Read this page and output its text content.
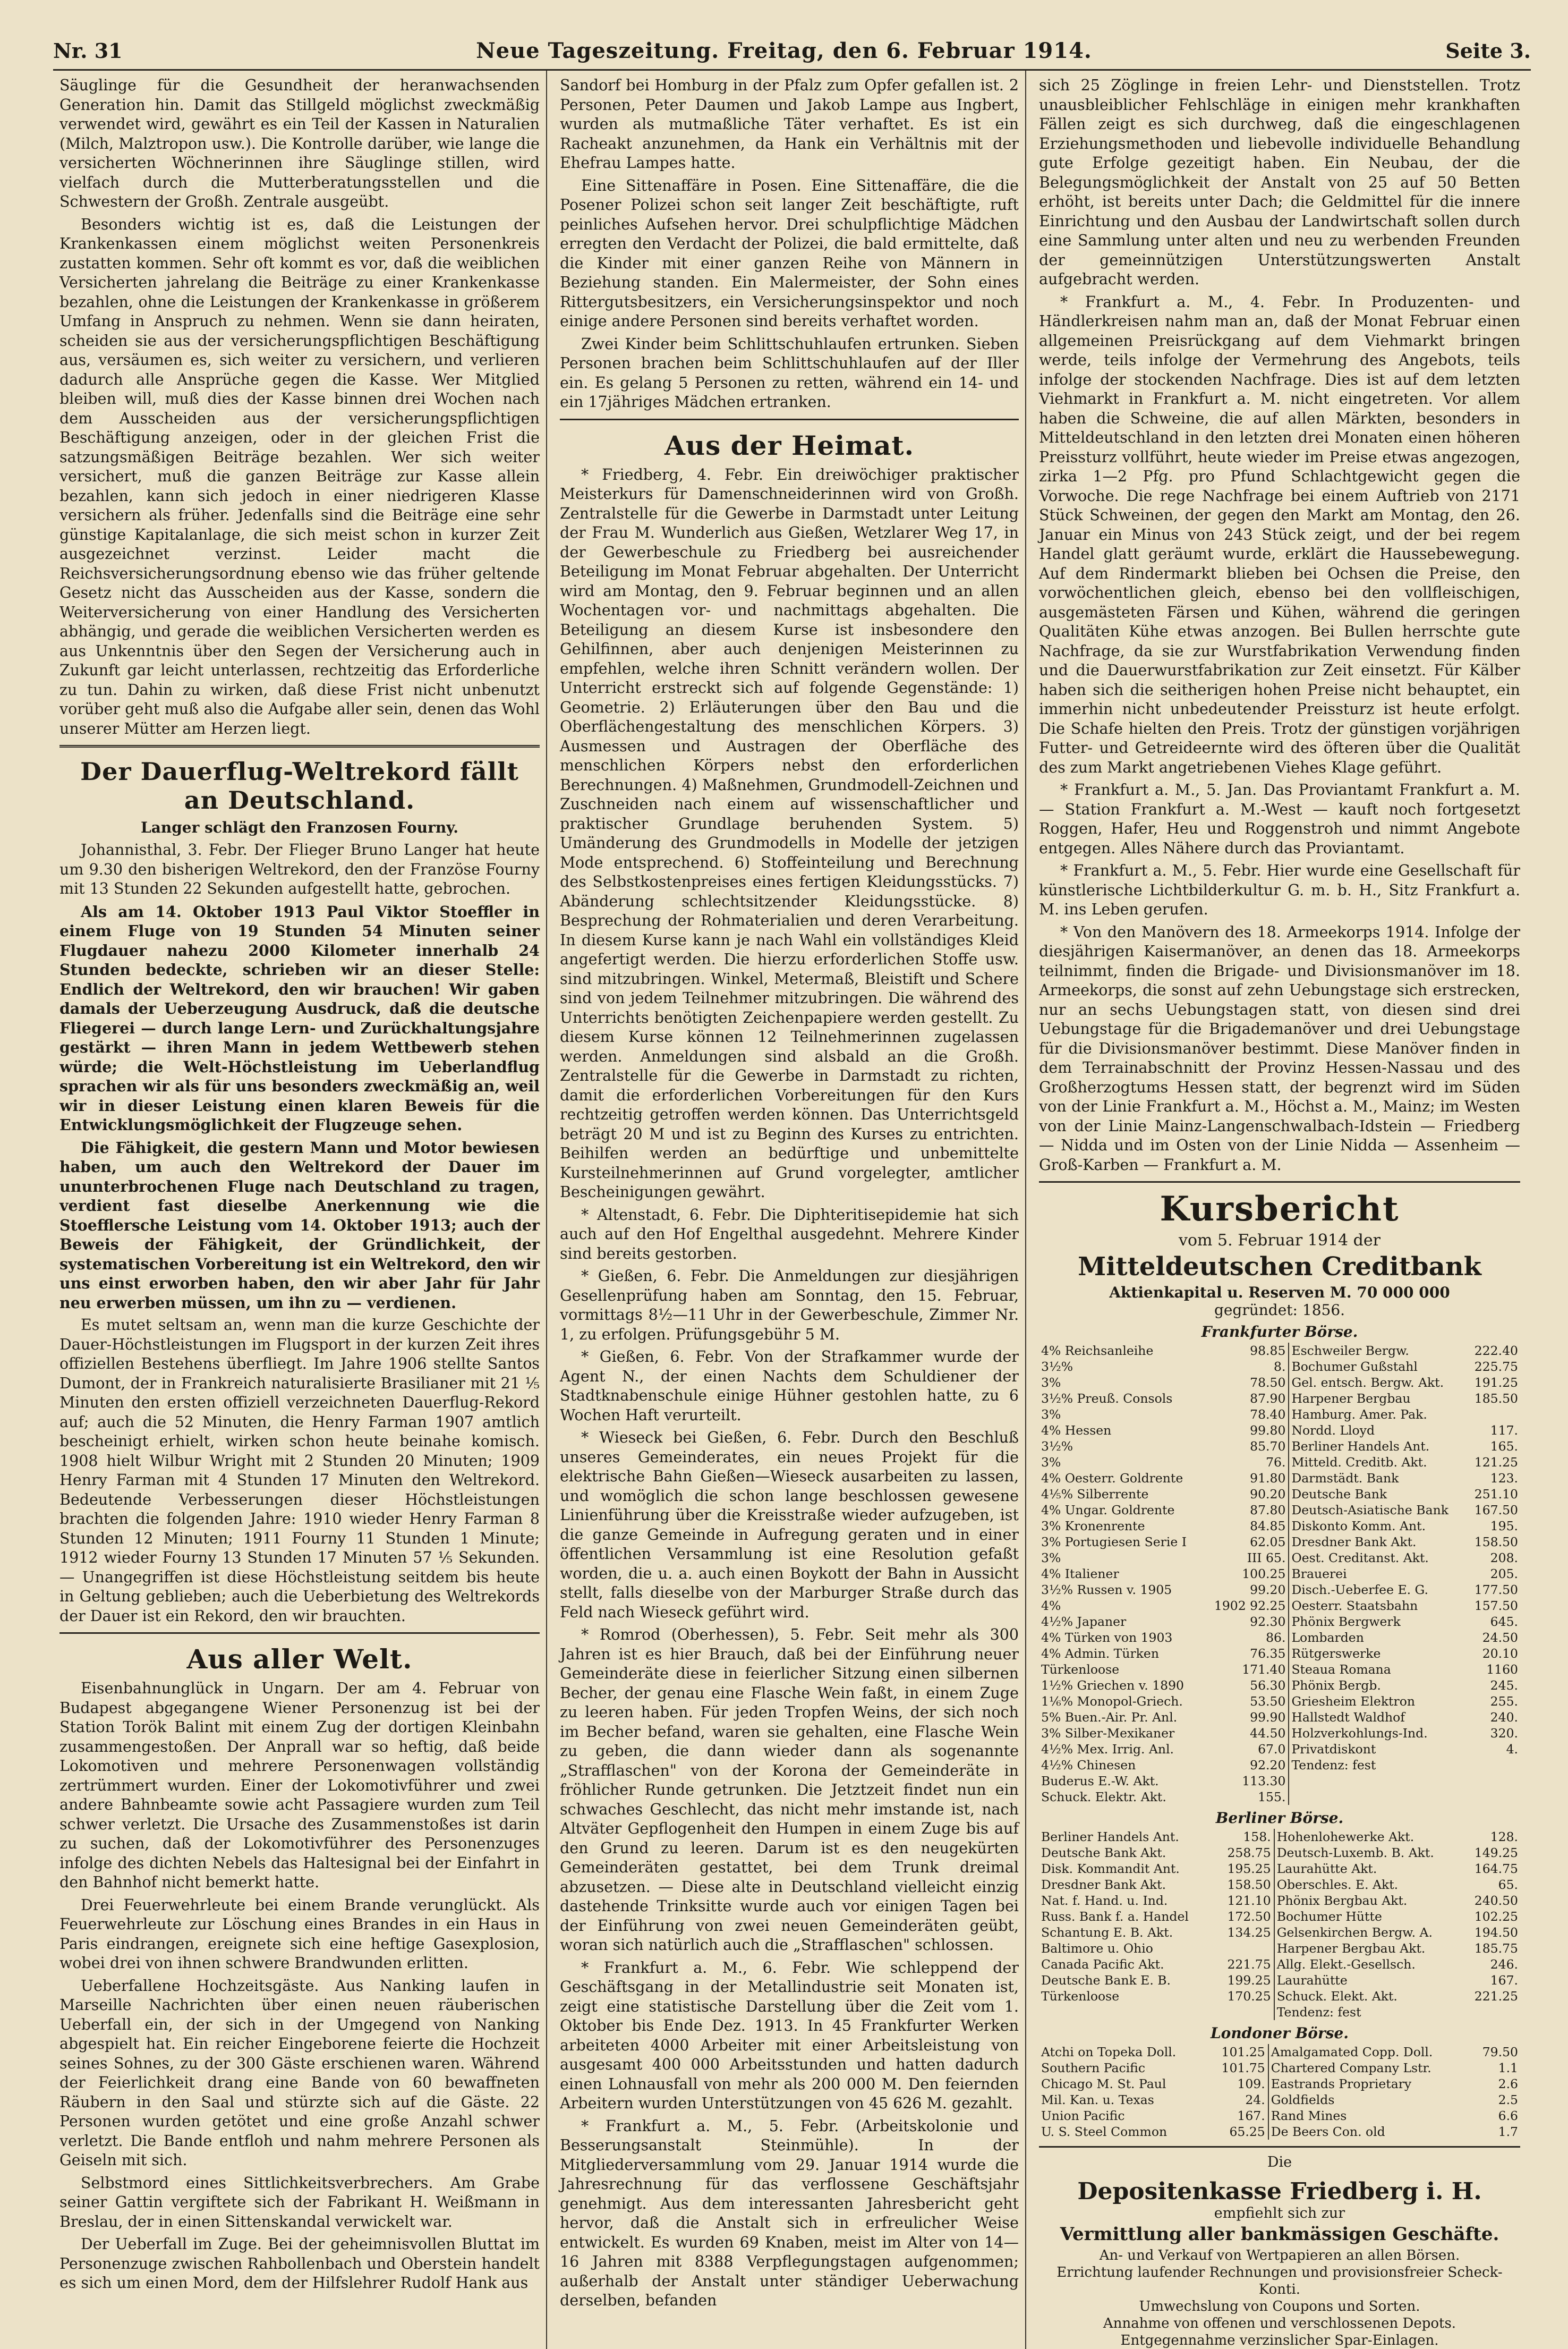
Nr. 31	Neue Tageszeitung. Freitag, den 6. Februar 1914.	Seite 3.

Säuglinge für die Gesundheit der heranwachsenden Generation hin. Damit das Stillgeld möglichst zweckmäßig verwendet wird, gewährt es ein Teil der Kassen in Naturalien (Milch, Malztropon usw.). Die Kontrolle darüber, wie lange die versicherten Wöchnerinnen ihre Säuglinge stillen, wird vielfach durch die Mutterberatungsstellen und die Schwestern der Großh. Zentrale ausgeübt.

Besonders wichtig ist es, daß die Leistungen der Krankenkassen einem möglichst weiten Personenkreis zustatten kommen. Sehr oft kommt es vor, daß die weiblichen Versicherten jahrelang die Beiträge zu einer Krankenkasse bezahlen, ohne die Leistungen der Krankenkasse in größerem Umfang in Anspruch zu nehmen. Wenn sie dann heiraten, scheiden sie aus der versicherungspflichtigen Beschäftigung aus, versäumen es, sich weiter zu versichern, und verlieren dadurch alle Ansprüche gegen die Kasse. Wer Mitglied bleiben will, muß dies der Kasse binnen drei Wochen nach dem Ausscheiden aus der versicherungspflichtigen Beschäftigung anzeigen, oder in der gleichen Frist die satzungsmäßigen Beiträge bezahlen. Wer sich weiter versichert, muß die ganzen Beiträge zur Kasse allein bezahlen, kann sich jedoch in einer niedrigeren Klasse versichern als früher. Jedenfalls sind die Beiträge eine sehr günstige Kapitalanlage, die sich meist schon in kurzer Zeit ausgezeichnet verzinst. Leider macht die Reichsversicherungsordnung ebenso wie das früher geltende Gesetz nicht das Ausscheiden aus der Kasse, sondern die Weiterversicherung von einer Handlung des Versicherten abhängig, und gerade die weiblichen Versicherten werden es aus Unkenntnis über den Segen der Versicherung auch in Zukunft gar leicht unterlassen, rechtzeitig das Erforderliche zu tun. Dahin zu wirken, daß diese Frist nicht unbenutzt vorüber geht muß also die Aufgabe aller sein, denen das Wohl unserer Mütter am Herzen liegt.

Der Dauerflug-Weltrekord fällt an Deutschland.
Langer schlägt den Franzosen Fourny.

Johannisthal, 3. Febr. Der Flieger Bruno Langer hat heute um 9.30 den bisherigen Weltrekord, den der Französe Fourny mit 13 Stunden 22 Sekunden aufgestellt hatte, gebrochen.

Als am 14. Oktober 1913 Paul Viktor Stoeffler in einem Fluge von 19 Stunden 54 Minuten seiner Flugdauer nahezu 2000 Kilometer innerhalb 24 Stunden bedeckte, schrieben wir an dieser Stelle: Endlich der Weltrekord, den wir brauchen! Wir gaben damals der Ueberzeugung Ausdruck, daß die deutsche Fliegerei — durch lange Lern- und Zurückhaltungsjahre gestärkt — ihren Mann in jedem Wettbewerb stehen würde; die Welt-Höchstleistung im Ueberlandflug sprachen wir als für uns besonders zweckmäßig an, weil wir in dieser Leistung einen klaren Beweis für die Entwicklungsmöglichkeit der Flugzeuge sehen.

Die Fähigkeit, die gestern Mann und Motor bewiesen haben, um auch den Weltrekord der Dauer im ununterbrochenen Fluge nach Deutschland zu tragen, verdient fast dieselbe Anerkennung wie die Stoefflersche Leistung vom 14. Oktober 1913; auch der Beweis der Fähigkeit, der Gründlichkeit, der systematischen Vorbereitung ist ein Weltrekord, den wir uns einst erworben haben, den wir aber Jahr für Jahr neu erwerben müssen, um ihn zu — verdienen.

Es mutet seltsam an, wenn man die kurze Geschichte der Dauer-Höchstleistungen im Flugsport in der kurzen Zeit ihres offiziellen Bestehens überfliegt. Im Jahre 1906 stellte Santos Dumont, der in Frankreich naturalisierte Brasilianer mit 21 ⅕ Minuten den ersten offiziell verzeichneten Dauerflug-Rekord auf; auch die 52 Minuten, die Henry Farman 1907 amtlich bescheinigt erhielt, wirken schon heute beinahe komisch. 1908 hielt Wilbur Wright mit 2 Stunden 20 Minuten; 1909 Henry Farman mit 4 Stunden 17 Minuten den Weltrekord. Bedeutende Verbesserungen dieser Höchstleistungen brachten die folgenden Jahre: 1910 wieder Henry Farman 8 Stunden 12 Minuten; 1911 Fourny 11 Stunden 1 Minute; 1912 wieder Fourny 13 Stunden 17 Minuten 57 ⅕ Sekunden. — Unangegriffen ist diese Höchstleistung seitdem bis heute in Geltung geblieben; auch die Ueberbietung des Weltrekords der Dauer ist ein Rekord, den wir brauchten.

Aus aller Welt.

Eisenbahnunglück in Ungarn. Der am 4. Februar von Budapest abgegangene Wiener Personenzug ist bei der Station Torök Balint mit einem Zug der dortigen Kleinbahn zusammengestoßen. Der Anprall war so heftig, daß beide Lokomotiven und mehrere Personenwagen vollständig zertrümmert wurden. Einer der Lokomotivführer und zwei andere Bahnbeamte sowie acht Passagiere wurden zum Teil schwer verletzt. Die Ursache des Zusammenstoßes ist darin zu suchen, daß der Lokomotivführer des Personenzuges infolge des dichten Nebels das Haltesignal bei der Einfahrt in den Bahnhof nicht bemerkt hatte.

Drei Feuerwehrleute bei einem Brande verunglückt. Als Feuerwehrleute zur Löschung eines Brandes in ein Haus in Paris eindrangen, ereignete sich eine heftige Gasexplosion, wobei drei von ihnen schwere Brandwunden erlitten.

Ueberfallene Hochzeitsgäste. Aus Nanking laufen in Marseille Nachrichten über einen neuen räuberischen Ueberfall ein, der sich in der Umgegend von Nanking abgespielt hat. Ein reicher Eingeborene feierte die Hochzeit seines Sohnes, zu der 300 Gäste erschienen waren. Während der Feierlichkeit drang eine Bande von 60 bewaffneten Räubern in den Saal und stürzte sich auf die Gäste. 22 Personen wurden getötet und eine große Anzahl schwer verletzt. Die Bande entfloh und nahm mehrere Personen als Geiseln mit sich.

Selbstmord eines Sittlichkeitsverbrechers. Am Grabe seiner Gattin vergiftete sich der Fabrikant H. Weißmann in Breslau, der in einen Sittenskandal verwickelt war.

Der Ueberfall im Zuge. Bei der geheimnisvollen Bluttat im Personenzuge zwischen Rahbollenbach und Oberstein handelt es sich um einen Mord, dem der Hilfslehrer Rudolf Hank aus

Sandorf bei Homburg in der Pfalz zum Opfer gefallen ist. 2 Personen, Peter Daumen und Jakob Lampe aus Ingbert, wurden als mutmaßliche Täter verhaftet. Es ist ein Racheakt anzunehmen, da Hank ein Verhältnis mit der Ehefrau Lampes hatte.

Eine Sittenaffäre in Posen. Eine Sittenaffäre, die die Posener Polizei schon seit langer Zeit beschäftigte, ruft peinliches Aufsehen hervor. Drei schulpflichtige Mädchen erregten den Verdacht der Polizei, die bald ermittelte, daß die Kinder mit einer ganzen Reihe von Männern in Beziehung standen. Ein Malermeister, der Sohn eines Rittergutsbesitzers, ein Versicherungsinspektor und noch einige andere Personen sind bereits verhaftet worden.

Zwei Kinder beim Schlittschuhlaufen ertrunken. Sieben Personen brachen beim Schlittschuhlaufen auf der Iller ein. Es gelang 5 Personen zu retten, während ein 14- und ein 17jähriges Mädchen ertranken.

Aus der Heimat.

* Friedberg, 4. Febr. Ein dreiwöchiger praktischer Meisterkurs für Damenschneiderinnen wird von Großh. Zentralstelle für die Gewerbe in Darmstadt unter Leitung der Frau M. Wunderlich aus Gießen, Wetzlarer Weg 17, in der Gewerbeschule zu Friedberg bei ausreichender Beteiligung im Monat Februar abgehalten. Der Unterricht wird am Montag, den 9. Februar beginnen und an allen Wochentagen vor- und nachmittags abgehalten. Die Beteiligung an diesem Kurse ist insbesondere den Gehilfinnen, aber auch denjenigen Meisterinnen zu empfehlen, welche ihren Schnitt verändern wollen. Der Unterricht erstreckt sich auf folgende Gegenstände: 1) Geometrie. 2) Erläuterungen über den Bau und die Oberflächengestaltung des menschlichen Körpers. 3) Ausmessen und Austragen der Oberfläche des menschlichen Körpers nebst den erforderlichen Berechnungen. 4) Maßnehmen, Grundmodell-Zeichnen und Zuschneiden nach einem auf wissenschaftlicher und praktischer Grundlage beruhenden System. 5) Umänderung des Grundmodells in Modelle der jetzigen Mode entsprechend. 6) Stoffeinteilung und Berechnung des Selbstkostenpreises eines fertigen Kleidungsstücks. 7) Abänderung schlechtsitzender Kleidungsstücke. 8) Besprechung der Rohmaterialien und deren Verarbeitung. In diesem Kurse kann je nach Wahl ein vollständiges Kleid angefertigt werden. Die hierzu erforderlichen Stoffe usw. sind mitzubringen. Winkel, Metermaß, Bleistift und Schere sind von jedem Teilnehmer mitzubringen. Die während des Unterrichts benötigten Zeichenpapiere werden gestellt. Zu diesem Kurse können 12 Teilnehmerinnen zugelassen werden. Anmeldungen sind alsbald an die Großh. Zentralstelle für die Gewerbe in Darmstadt zu richten, damit die erforderlichen Vorbereitungen für den Kurs rechtzeitig getroffen werden können. Das Unterrichtsgeld beträgt 20 M und ist zu Beginn des Kurses zu entrichten. Beihilfen werden an bedürftige und unbemittelte Kursteilnehmerinnen auf Grund vorgelegter, amtlicher Bescheinigungen gewährt.

* Altenstadt, 6. Febr. Die Diphteritisepidemie hat sich auch auf den Hof Engelthal ausgedehnt. Mehrere Kinder sind bereits gestorben.

* Gießen, 6. Febr. Die Anmeldungen zur diesjährigen Gesellenprüfung haben am Sonntag, den 15. Februar, vormittags 8½—11 Uhr in der Gewerbeschule, Zimmer Nr. 1, zu erfolgen. Prüfungsgebühr 5 M.

* Gießen, 6. Febr. Von der Strafkammer wurde der Agent N., der einen Nachts dem Schuldiener der Stadtknabenschule einige Hühner gestohlen hatte, zu 6 Wochen Haft verurteilt.

* Wieseck bei Gießen, 6. Febr. Durch den Beschluß unseres Gemeinderates, ein neues Projekt für die elektrische Bahn Gießen—Wieseck ausarbeiten zu lassen, und womöglich die schon lange beschlossen gewesene Linienführung über die Kreisstraße wieder aufzugeben, ist die ganze Gemeinde in Aufregung geraten und in einer öffentlichen Versammlung ist eine Resolution gefaßt worden, die u. a. auch einen Boykott der Bahn in Aussicht stellt, falls dieselbe von der Marburger Straße durch das Feld nach Wieseck geführt wird.

* Romrod (Oberhessen), 5. Febr. Seit mehr als 300 Jahren ist es hier Brauch, daß bei der Einführung neuer Gemeinderäte diese in feierlicher Sitzung einen silbernen Becher, der genau eine Flasche Wein faßt, in einem Zuge zu leeren haben. Für jeden Tropfen Weins, der sich noch im Becher befand, waren sie gehalten, eine Flasche Wein zu geben, die dann wieder dann als sogenannte „Strafflaschen" von der Korona der Gemeinderäte in fröhlicher Runde getrunken. Die Jetztzeit findet nun ein schwaches Geschlecht, das nicht mehr imstande ist, nach Altväter Gepflogenheit den Humpen in einem Zuge bis auf den Grund zu leeren. Darum ist es den neugekürten Gemeinderäten gestattet, bei dem Trunk dreimal abzusetzen. — Diese alte in Deutschland vielleicht einzig dastehende Trinksitte wurde auch vor einigen Tagen bei der Einführung von zwei neuen Gemeinderäten geübt, woran sich natürlich auch die „Strafflaschen" schlossen.

* Frankfurt a. M., 6. Febr. Wie schleppend der Geschäftsgang in der Metallindustrie seit Monaten ist, zeigt eine statistische Darstellung über die Zeit vom 1. Oktober bis Ende Dez. 1913. In 45 Frankfurter Werken arbeiteten 4000 Arbeiter mit einer Arbeitsleistung von ausgesamt 400 000 Arbeitsstunden und hatten dadurch einen Lohnausfall von mehr als 200 000 M. Den feiernden Arbeitern wurden Unterstützungen von 45 626 M. gezahlt.

* Frankfurt a. M., 5. Febr. (Arbeitskolonie und Besserungsanstalt Steinmühle). In der Mitgliederversammlung vom 29. Januar 1914 wurde die Jahresrechnung für das verflossene Geschäftsjahr genehmigt. Aus dem interessanten Jahresbericht geht hervor, daß die Anstalt sich in erfreulicher Weise entwickelt. Es wurden 69 Knaben, meist im Alter von 14—16 Jahren mit 8388 Verpflegungstagen aufgenommen; außerhalb der Anstalt unter ständiger Ueberwachung derselben, befanden

sich 25 Zöglinge in freien Lehr- und Dienststellen. Trotz unausbleiblicher Fehlschläge in einigen mehr krankhaften Fällen zeigt es sich durchweg, daß die eingeschlagenen Erziehungsmethoden und liebevolle individuelle Behandlung gute Erfolge gezeitigt haben. Ein Neubau, der die Belegungsmöglichkeit der Anstalt von 25 auf 50 Betten erhöht, ist bereits unter Dach; die Geldmittel für die innere Einrichtung und den Ausbau der Landwirtschaft sollen durch eine Sammlung unter alten und neu zu werbenden Freunden der gemeinnützigen Unterstützungswerten Anstalt aufgebracht werden.

* Frankfurt a. M., 4. Febr. In Produzenten- und Händlerkreisen nahm man an, daß der Monat Februar einen allgemeinen Preisrückgang auf dem Viehmarkt bringen werde, teils infolge der Vermehrung des Angebots, teils infolge der stockenden Nachfrage. Dies ist auf dem letzten Viehmarkt in Frankfurt a. M. nicht eingetreten. Vor allem haben die Schweine, die auf allen Märkten, besonders in Mitteldeutschland in den letzten drei Monaten einen höheren Preissturz vollführt, heute wieder im Preise etwas angezogen, zirka 1—2 Pfg. pro Pfund Schlachtgewicht gegen die Vorwoche. Die rege Nachfrage bei einem Auftrieb von 2171 Stück Schweinen, der gegen den Markt am Montag, den 26. Januar ein Minus von 243 Stück zeigt, und der bei regem Handel glatt geräumt wurde, erklärt die Haussebewegung. Auf dem Rindermarkt blieben bei Ochsen die Preise, den vorwöchentlichen gleich, ebenso bei den vollfleischigen, ausgemästeten Färsen und Kühen, während die geringen Qualitäten Kühe etwas anzogen. Bei Bullen herrschte gute Nachfrage, da sie zur Wurstfabrikation Verwendung finden und die Dauerwurstfabrikation zur Zeit einsetzt. Für Kälber haben sich die seitherigen hohen Preise nicht behauptet, ein immerhin nicht unbedeutender Preissturz ist heute erfolgt. Die Schafe hielten den Preis. Trotz der günstigen vorjährigen Futter- und Getreideernte wird des öfteren über die Qualität des zum Markt angetriebenen Viehes Klage geführt.

* Frankfurt a. M., 5. Jan. Das Proviantamt Frankfurt a. M. — Station Frankfurt a. M.-West — kauft noch fortgesetzt Roggen, Hafer, Heu und Roggenstroh und nimmt Angebote entgegen. Alles Nähere durch das Proviantamt.

* Frankfurt a. M., 5. Febr. Hier wurde eine Gesellschaft für künstlerische Lichtbilderkultur G. m. b. H., Sitz Frankfurt a. M. ins Leben gerufen.

* Von den Manövern des 18. Armeekorps 1914. Infolge der diesjährigen Kaisermanöver, an denen das 18. Armeekorps teilnimmt, finden die Brigade- und Divisionsmanöver im 18. Armeekorps, die sonst auf zehn Uebungstage sich erstrecken, nur an sechs Uebungstagen statt, von diesen sind drei Uebungstage für die Brigademanöver und drei Uebungstage für die Divisionsmanöver bestimmt. Diese Manöver finden in dem Terrainabschnitt der Provinz Hessen-Nassau und des Großherzogtums Hessen statt, der begrenzt wird im Süden von der Linie Frankfurt a. M., Höchst a. M., Mainz; im Westen von der Linie Mainz-Langenschwalbach-Idstein — Friedberg — Nidda und im Osten von der Linie Nidda — Assenheim — Groß-Karben — Frankfurt a. M.

Kursbericht
vom 5. Februar 1914 der
Mitteldeutschen Creditbank
Aktienkapital u. Reserven M. 70 000 000
gegründet: 1856.
Frankfurter Börse.
4% Reichsanleihe	98.85		Eschweiler Bergw.	222.40
3½%	8.		Bochumer Gußstahl	225.75
3%	78.50		Gel. entsch. Bergw. Akt.	191.25
3½% Preuß. Consols	87.90		Harpener Bergbau	185.50
3%	78.40		Hamburg. Amer. Pak.	
4% Hessen	99.80		Nordd. Lloyd	117.
3½%	85.70		Berliner Handels Ant.	165.
3%	76.		Mitteld. Creditb. Akt.	121.25
4% Oesterr. Goldrente	91.80		Darmstädt. Bank	123.
4⅕% Silberrente	90.20		Deutsche Bank	251.10
4% Ungar. Goldrente	87.80		Deutsch-Asiatische Bank	167.50
3% Kronenrente	84.85		Diskonto Komm. Ant.	195.
3% Portugiesen Serie I	62.05		Dresdner Bank Akt.	158.50
3%	III 65.		Oest. Creditanst. Akt.	208.
4% Italiener	100.25		Brauerei	205.
3½% Russen v. 1905	99.20		Disch.-Ueberfee E. G.	177.50
4%	1902 92.25		Oesterr. Staatsbahn	157.50
4½% Japaner	92.30		Phönix Bergwerk	645.
4% Türken von 1903	86.		Lombarden	24.50
4% Admin. Türken	76.35		Rütgerswerke	20.10
Türkenloose	171.40		Steaua Romana	1160
1½% Griechen v. 1890	56.30		Phönix Bergb.	245.
1⅙% Monopol-Griech.	53.50		Griesheim Elektron	255.
5% Buen.-Air. Pr. Anl.	99.90		Hallstedt Waldhof	240.
3% Silber-Mexikaner	44.50		Holzverkohlungs-Ind.	320.
4½% Mex. Irrig. Anl.	67.0		Privatdiskont	4.
4½% Chinesen	92.20		Tendenz: fest	
Buderus E.-W. Akt.	113.30			
Schuck. Elektr. Akt.	155.			
Berliner Börse.
Berliner Handels Ant.	158.		Hohenlohewerke Akt.	128.
Deutsche Bank Akt.	258.75		Deutsch-Luxemb. B. Akt.	149.25
Disk. Kommandit Ant.	195.25		Laurahütte Akt.	164.75
Dresdner Bank Akt.	158.50		Oberschles. E. Akt.	65.
Nat. f. Hand. u. Ind.	121.10		Phönix Bergbau Akt.	240.50
Russ. Bank f. a. Handel	172.50		Bochumer Hütte	102.25
Schantung E. B. Akt.	134.25		Gelsenkirchen Bergw. A.	194.50
Baltimore u. Ohio			Harpener Bergbau Akt.	185.75
Canada Pacific Akt.	221.75		Allg. Elekt.-Gesellsch.	246.
Deutsche Bank E. B.	199.25		Laurahütte	167.
Türkenloose	170.25		Schuck. Elekt. Akt.	221.25
			Tendenz: fest	
Londoner Börse.
Atchi on Topeka Doll.	101.25		Amalgamated Copp. Doll.	79.50
Southern Pacific	101.75		Chartered Company Lstr.	1.1
Chicago M. St. Paul	109.		Eastrands Proprietary	2.6
Mil. Kan. u. Texas	24.		Goldfields	2.5
Union Pacific	167.		Rand Mines	6.6
U. S. Steel Common	65.25		De Beers Con. old	1.7
Die
Depositenkasse Friedberg i. H.
empfiehlt sich zur
Vermittlung aller bankmässigen Geschäfte.
An- und Verkauf von Wertpapieren an allen Börsen.
Errichtung laufender Rechnungen und provisionsfreier Scheck-Konti.
Umwechslung von Coupons und Sorten.
Annahme von offenen und verschlossenen Depots.
Entgegennahme verzinslicher Spar-Einlagen.
